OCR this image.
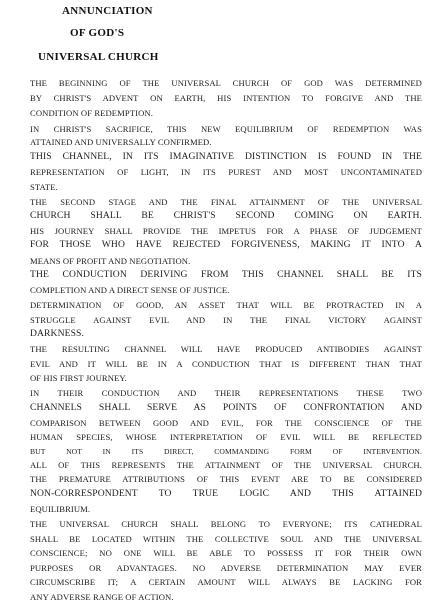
ANNUNCIATION
OF GOD'S
UNIVERSAL CHURCH
THE BEGINNING OF THE UNIVERSAL CHURCH OF GOD WAS DETERMINED
BY CHRIST'S ADVENT ON EARTH, HIS INTENTION TO FORGIVE AND THE
CONDITION OF REDEMPTION.
IN CHRIST'S SACRIFICE, THIS NEW EQUILIBRIUM OF REDEMPTION WAS
ATTAINED AND UNIVERSALLY CONFIRMED.
THIS CHANNEL, IN ITS IMAGINATIVE DISTINCTION IS FOUND IN THE
REPRESENTATION OF LIGHT, IN ITS PUREST AND MOST UNCONTAMINATED
STATE.
THE SECOND STAGE AND THE FINAL ATTAINMENT OF THE UNIVERSAL
CHURCH SHALL BE CHRIST'S SECOND COMING ON EARTH.
HIS JOURNEY SHALL PROVIDE THE IMPETUS FOR A PHASE OF JUDGEMENT
FOR THOSE WHO HAVE REJECTED FORGIVENESS, MAKING IT INTO A
MEANS OF PROFIT AND NEGOTIATION.
THE CONDUCTION DERIVING FROM THIS CHANNEL SHALL BE ITS
COMPLETION AND A DIRECT SENSE OF JUSTICE.
DETERMINATION OF GOOD, AN ASSET THAT WILL BE PROTRACTED IN A
STRUGGLE AGAINST EVIL AND IN THE FINAL VICTORY AGAINST
DARKNESS.
THE RESULTING CHANNEL WILL HAVE PRODUCED ANTIBODIES AGAINST
EVIL AND IT WILL BE IN A CONDUCTION THAT IS DIFFERENT THAN THAT
OF HIS FIRST JOURNEY.
IN THEIR CONDUCTION AND THEIR REPRESENTATIONS THESE TWO
CHANNELS SHALL SERVE AS POINTS OF CONFRONTATION AND
COMPARISON BETWEEN GOOD AND EVIL, FOR THE CONSCIENCE OF THE
HUMAN SPECIES, WHOSE INTERPRETATION OF EVIL WILL BE REFLECTED
BUT NOT IN ITS DIRECT, COMMANDING FORM OF INTERVENTION.
ALL OF THIS REPRESENTS THE ATTAINMENT OF THE UNIVERSAL CHURCH.
THE PREMATURE ATTRIBUTIONS OF THIS EVENT ARE TO BE CONSIDERED
NON-CORRESPONDENT TO TRUE LOGIC AND THIS ATTAINED
EQUILIBRIUM.
THE UNIVERSAL CHURCH SHALL BELONG TO EVERYONE; ITS CATHEDRAL
SHALL BE LOCATED WITHIN THE COLLECTIVE SOUL AND THE UNIVERSAL
CONSCIENCE; NO ONE WILL BE ABLE TO POSSESS IT FOR THEIR OWN
PURPOSES OR ADVANTAGES. NO ADVERSE DETERMINATION MAY EVER
CIRCUMSCRIBE IT; A CERTAIN AMOUNT WILL ALWAYS BE LACKING FOR
ANY ADVERSE RANGE OF ACTION.
